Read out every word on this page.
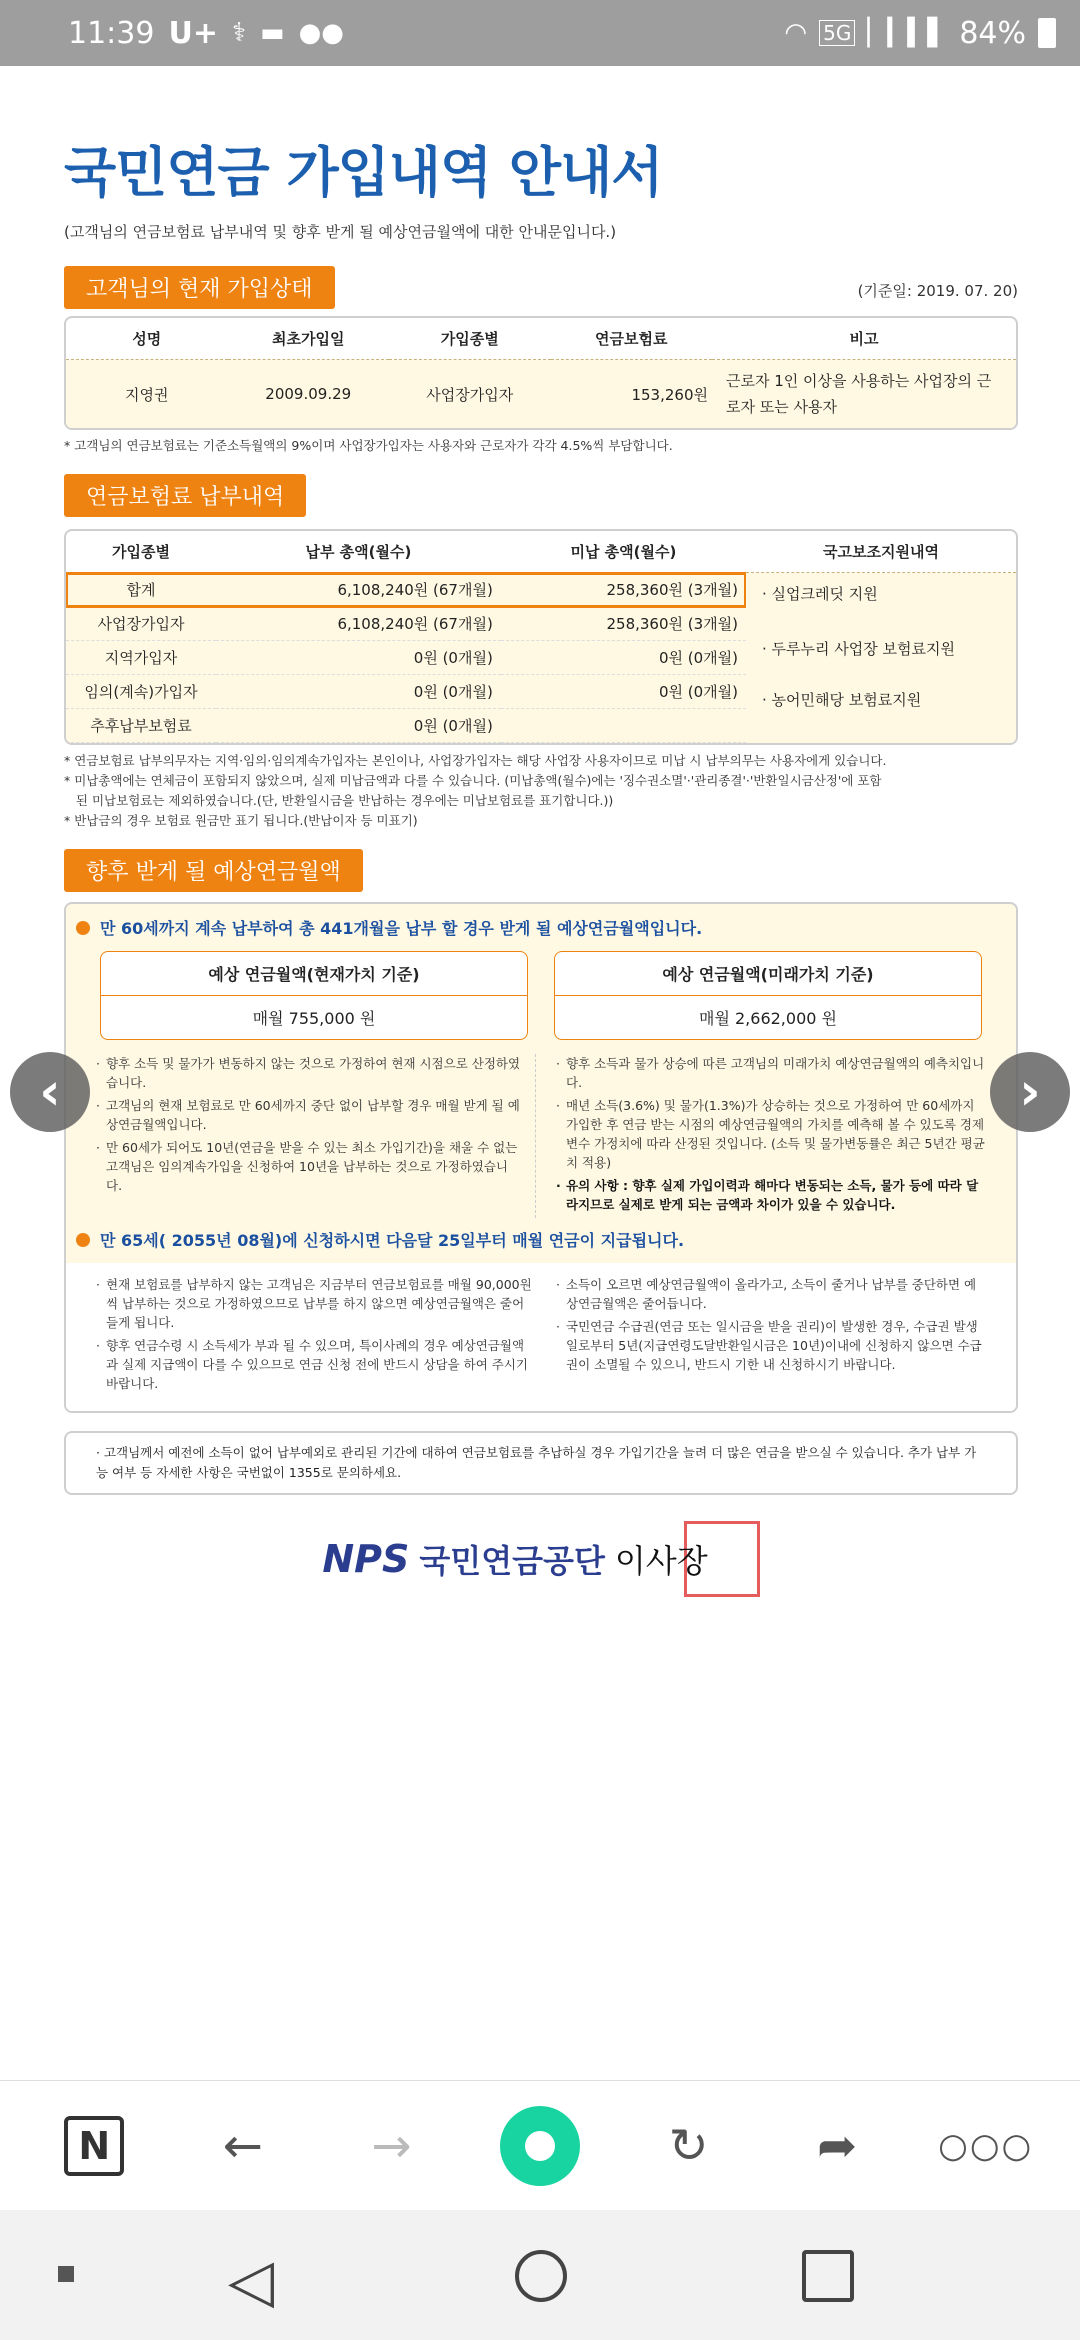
11:39 U+ ⚕ ▬ ●●	◠ 5G ▏▎▍▌ 84%
국민연금 가입내역 안내서
(고객님의 연금보험료 납부내역 및 향후 받게 될 예상연금월액에 대한 안내문입니다.)
고객님의 현재 가입상태	(기준일: 2019. 07. 20)
성명	최초가입일	가입종별	연금보험료	비고
지영권	2009.09.29	사업장가입자	153,260원	근로자 1인 이상을 사용하는 사업장의 근로자 또는 사용자
* 고객님의 연금보험료는 기준소득월액의 9%이며 사업장가입자는 사용자와 근로자가 각각 4.5%씩 부담합니다.
연금보험료 납부내역
가입종별	납부 총액(월수)	미납 총액(월수)
합계	6,108,240원 (67개월)	258,360원 (3개월)
사업장가입자	6,108,240원 (67개월)	258,360원 (3개월)
지역가입자	0원 (0개월)	0원 (0개월)
임의(계속)가입자	0원 (0개월)	0원 (0개월)
추후납부보험료	0원 (0개월)	
국고보조지원내역
· 실업크레딧 지원
· 두루누리 사업장 보험료지원
· 농어민해당 보험료지원
* 연금보험료 납부의무자는 지역·임의·임의계속가입자는 본인이나, 사업장가입자는 해당 사업장 사용자이므로 미납 시 납부의무는 사용자에게 있습니다.
* 미납총액에는 연체금이 포함되지 않았으며, 실제 미납금액과 다를 수 있습니다. (미납총액(월수)에는 '징수권소멸'·'관리종결'·'반환일시금산정'에 포함
된 미납보험료는 제외하였습니다.(단, 반환일시금을 반납하는 경우에는 미납보험료를 표기합니다.))
* 반납금의 경우 보험료 원금만 표기 됩니다.(반납이자 등 미표기)
향후 받게 될 예상연금월액
만 60세까지 계속 납부하여 총 441개월을 납부 할 경우 받게 될 예상연금월액입니다.
예상 연금월액(현재가치 기준)
매월 755,000 원
예상 연금월액(미래가치 기준)
매월 2,662,000 원
· 향후 소득 및 물가가 변동하지 않는 것으로 가정하여 현재 시점으로 산정하였습니다.
· 고객님의 현재 보험료로 만 60세까지 중단 없이 납부할 경우 매월 받게 될 예상연금월액입니다.
· 만 60세가 되어도 10년(연금을 받을 수 있는 최소 가입기간)을 채울 수 없는 고객님은 임의계속가입을 신청하여 10년을 납부하는 것으로 가정하였습니다.
· 향후 소득과 물가 상승에 따른 고객님의 미래가치 예상연금월액의 예측치입니다.
· 매년 소득(3.6%) 및 물가(1.3%)가 상승하는 것으로 가정하여 만 60세까지 가입한 후 연금 받는 시점의 예상연금월액의 가치를 예측해 볼 수 있도록 경제변수 가정치에 따라 산정된 것입니다. (소득 및 물가변동률은 최근 5년간 평균치 적용)
· 유의 사항 : 향후 실제 가입이력과 해마다 변동되는 소득, 물가 등에 따라 달라지므로 실제로 받게 되는 금액과 차이가 있을 수 있습니다.
만 65세( 2055년 08월)에 신청하시면 다음달 25일부터 매월 연금이 지급됩니다.
· 현재 보험료를 납부하지 않는 고객님은 지금부터 연금보험료를 매월 90,000원씩 납부하는 것으로 가정하였으므로 납부를 하지 않으면 예상연금월액은 줄어들게 됩니다.
· 향후 연금수령 시 소득세가 부과 될 수 있으며, 특이사례의 경우 예상연금월액과 실제 지급액이 다를 수 있으므로 연금 신청 전에 반드시 상담을 하여 주시기 바랍니다.
· 소득이 오르면 예상연금월액이 올라가고, 소득이 줄거나 납부를 중단하면 예상연금월액은 줄어듭니다.
· 국민연금 수급권(연금 또는 일시금을 받을 권리)이 발생한 경우, 수급권 발생일로부터 5년(지급연령도달반환일시금은 10년)이내에 신청하지 않으면 수급권이 소멸될 수 있으니, 반드시 기한 내 신청하시기 바랍니다.
· 고객님께서 예전에 소득이 없어 납부예외로 관리된 기간에 대하여 연금보험료를 추납하실 경우 가입기간을 늘려 더 많은 연금을 받으실 수 있습니다. 추가 납부 가능 여부 등 자세한 사항은 국번없이 1355로 문의하세요.
NPS 국민연금공단 이사장
‹	›
N ← →	↻ ➦ ○○○
◁
